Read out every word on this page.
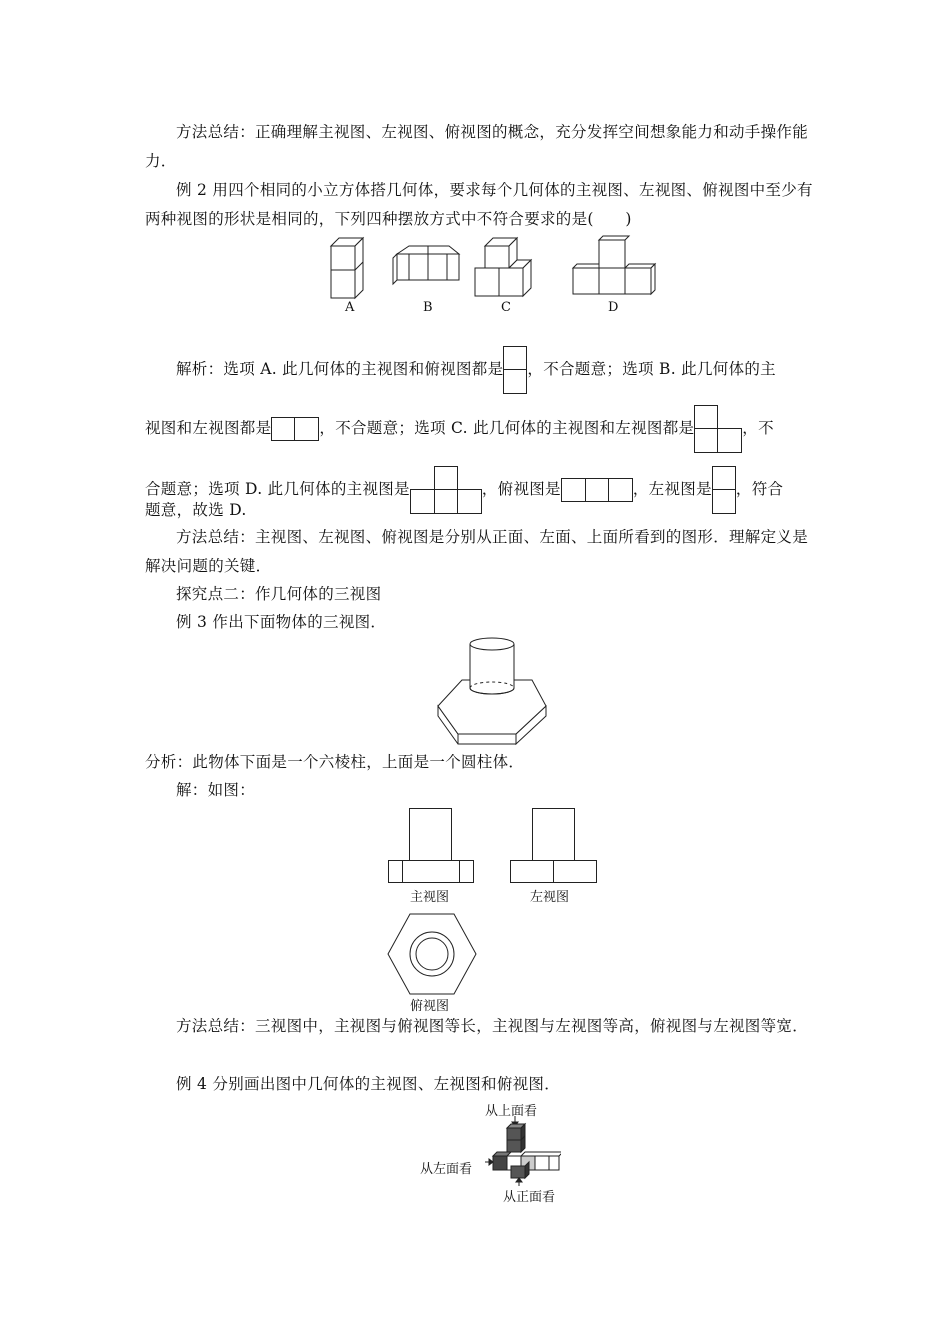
方法总结：正确理解主视图、左视图、俯视图的概念，充分发挥空间想象能力和动手操作能力．
例 2 用四个相同的小立方体搭几何体，要求每个几何体的主视图、左视图、俯视图中至少有两种视图的形状是相同的，下列四种摆放方式中不符合要求的是(　　)
A	B	C	D
解析：选项 A. 此几何体的主视图和俯视图都是 ，不合题意；选项 B. 此几何体的主
视图和左视图都是	，不合题意；选项 C. 此几何体的主视图和左视图都是	，不
合题意；选项 D. 此几何体的主视图是	，俯视图是	，左视图是 ，符合
题意，故选 D.
方法总结：主视图、左视图、俯视图是分别从正面、左面、上面所看到的图形．理解定义是解决问题的关键．
探究点二：作几何体的三视图
例 3 作出下面物体的三视图．
分析：此物体下面是一个六棱柱，上面是一个圆柱体．
解：如图：
主视图	左视图
俯视图
方法总结：三视图中，主视图与俯视图等长，主视图与左视图等高，俯视图与左视图等宽．
例 4 分别画出图中几何体的主视图、左视图和俯视图．
从上面看
从左面看
从正面看
